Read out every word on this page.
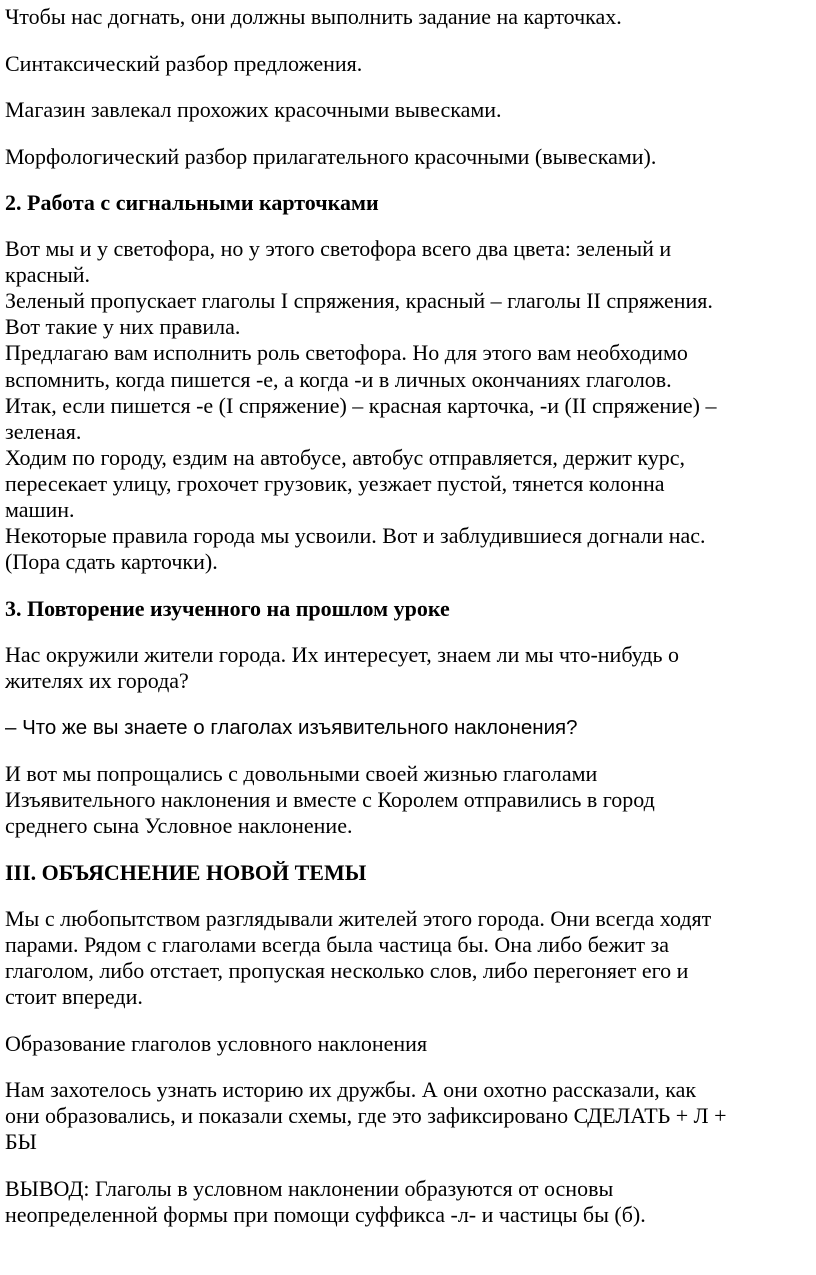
Чтобы нас догнать, они должны выполнить задание на карточках.

Синтаксический разбор предложения.

Магазин завлекал прохожих красочными вывесками.

Морфологический разбор прилагательного красочными (вывесками).

2. Работа с сигнальными карточками

Вот мы и у светофора, но у этого светофора всего два цвета: зеленый и

красный.

Зеленый пропускает глаголы I спряжения, красный – глаголы II спряжения.

Вот такие у них правила.

Предлагаю вам исполнить роль светофора. Но для этого вам необходимо

вспомнить, когда пишется -е, а когда -и в личных окончаниях глаголов.

Итак, если пишется -е (I спряжение) – красная карточка, -и (II спряжение) –

зеленая.

Ходим по городу, ездим на автобусе, автобус отправляется, держит курс,

пересекает улицу, грохочет грузовик, уезжает пустой, тянется колонна

машин.

Некоторые правила города мы усвоили. Вот и заблудившиеся догнали нас.

(Пора сдать карточки).

3. Повторение изученного на прошлом уроке

Нас окружили жители города. Их интересует, знаем ли мы что-нибудь о

жителях их города?

– Что же вы знаете о глаголах изъявительного наклонения?

И вот мы попрощались с довольными своей жизнью глаголами

Изъявительного наклонения и вместе с Королем отправились в город

среднего сына Условное наклонение.

III. ОБЪЯСНЕНИЕ НОВОЙ ТЕМЫ

Мы с любопытством разглядывали жителей этого города. Они всегда ходят

парами. Рядом с глаголами всегда была частица бы. Она либо бежит за

глаголом, либо отстает, пропуская несколько слов, либо перегоняет его и

стоит впереди.

Образование глаголов условного наклонения

Нам захотелось узнать историю их дружбы. А они охотно рассказали, как

они образовались, и показали схемы, где это зафиксировано СДЕЛАТЬ + Л +

БЫ

ВЫВОД: Глаголы в условном наклонении образуются от основы

неопределенной формы при помощи суффикса -л- и частицы бы (б).
